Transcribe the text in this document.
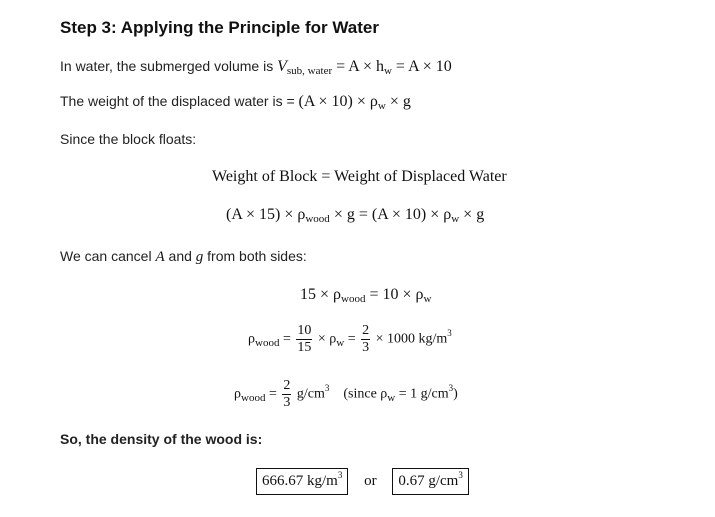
Step 3: Applying the Principle for Water
In water, the submerged volume is Vsub, water = A × hw = A × 10
The weight of the displaced water is = (A × 10) × ρw × g
Since the block floats:
Weight of Block = Weight of Displaced Water
(A × 15) × ρwood × g = (A × 10) × ρw × g
We can cancel A and g from both sides:
15 × ρwood = 10 × ρw
$\rho_{wood} = \frac{10}{15} \times \rho_w = \frac{2}{3} \times 1000$ $kg/m^3$
$\rho_{wood} = \frac{2}{3} g/cm^3$ (since $\rho_w = 1$ $g/cm^3$)
So, the density of the wood is:
666.67 $kg/m^3$ or 0.67 $g/cm^3$
